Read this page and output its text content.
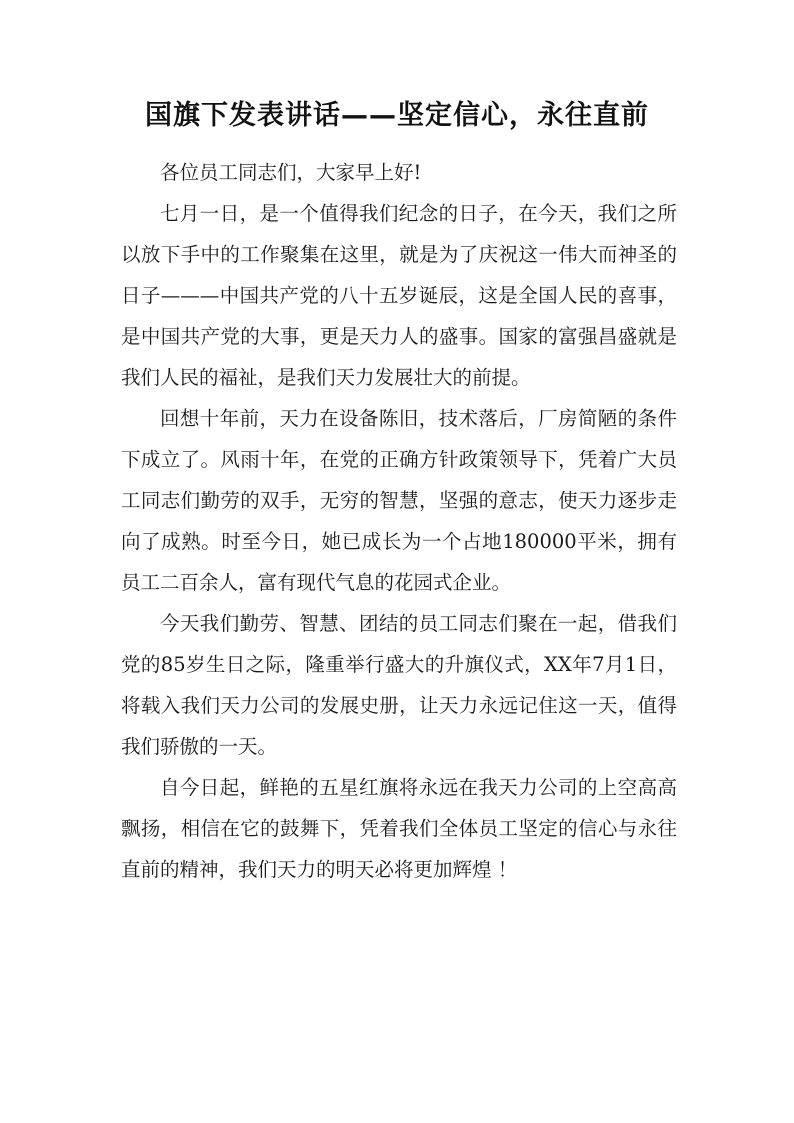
国旗下发表讲话——坚定信心，永往直前

各位员工同志们，大家早上好!

七月一日，是一个值得我们纪念的日子，在今天，我们之所以放下手中的工作聚集在这里，就是为了庆祝这一伟大而神圣的日子———中国共产党的八十五岁诞辰，这是全国人民的喜事，是中国共产党的大事，更是天力人的盛事。国家的富强昌盛就是我们人民的福祉，是我们天力发展壮大的前提。

回想十年前，天力在设备陈旧，技术落后，厂房简陋的条件下成立了。风雨十年，在党的正确方针政策领导下，凭着广大员工同志们勤劳的双手，无穷的智慧，坚强的意志，使天力逐步走向了成熟。时至今日，她已成长为一个占地180000平米，拥有员工二百余人，富有现代气息的花园式企业。

今天我们勤劳、智慧、团结的员工同志们聚在一起，借我们党的85岁生日之际，隆重举行盛大的升旗仪式，XX年7月1日，将载入我们天力公司的发展史册，让天力永远记住这一天，值得我们骄傲的一天。

自今日起，鲜艳的五星红旗将永远在我天力公司的上空高高飘扬，相信在它的鼓舞下，凭着我们全体员工坚定的信心与永往直前的精神，我们天力的明天必将更加辉煌 ！
